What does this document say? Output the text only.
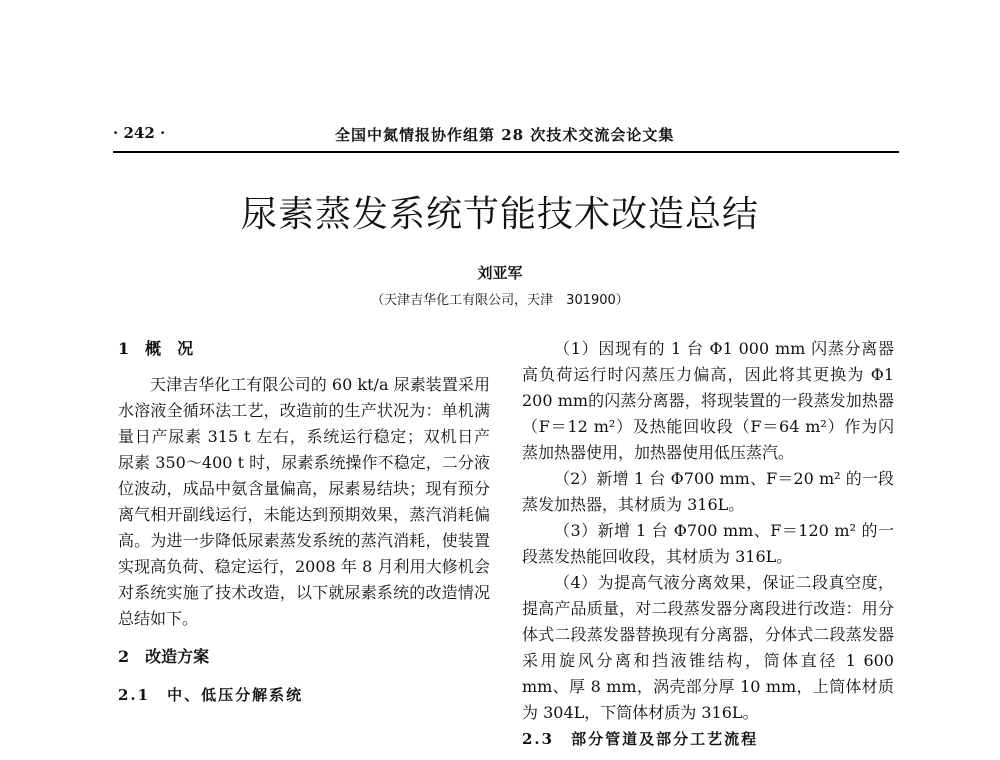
· 242 ·	全国中氮情报协作组第 28 次技术交流会论文集
尿素蒸发系统节能技术改造总结
刘亚军
（天津吉华化工有限公司，天津　301900）

1　概　况

天津吉华化工有限公司的 60 kt/a 尿素装置采用水溶液全循环法工艺，改造前的生产状况为：单机满量日产尿素 315 t 左右，系统运行稳定；双机日产尿素 350～400 t 时，尿素系统操作不稳定，二分液位波动，成品中氨含量偏高，尿素易结块；现有预分离气相开副线运行，未能达到预期效果，蒸汽消耗偏高。为进一步降低尿素蒸发系统的蒸汽消耗，使装置实现高负荷、稳定运行，2008 年 8 月利用大修机会对系统实施了技术改造，以下就尿素系统的改造情况总结如下。

2　改造方案

2.1　中、低压分解系统

（1）因现有的 1 台 Φ1 000 mm 闪蒸分离器高负荷运行时闪蒸压力偏高，因此将其更换为 Φ1 200 mm的闪蒸分离器，将现装置的一段蒸发加热器（F＝12 m²）及热能回收段（F＝64 m²）作为闪蒸加热器使用，加热器使用低压蒸汽。

（2）新增 1 台 Φ700 mm、F＝20 m² 的一段蒸发加热器，其材质为 316L。

（3）新增 1 台 Φ700 mm、F＝120 m² 的一段蒸发热能回收段，其材质为 316L。

（4）为提高气液分离效果，保证二段真空度，提高产品质量，对二段蒸发器分离段进行改造：用分体式二段蒸发器替换现有分离器，分体式二段蒸发器采用旋风分离和挡液锥结构，筒体直径 1 600 mm、厚 8 mm，涡壳部分厚 10 mm，上筒体材质为 304L，下筒体材质为 316L。

2.3　部分管道及部分工艺流程
